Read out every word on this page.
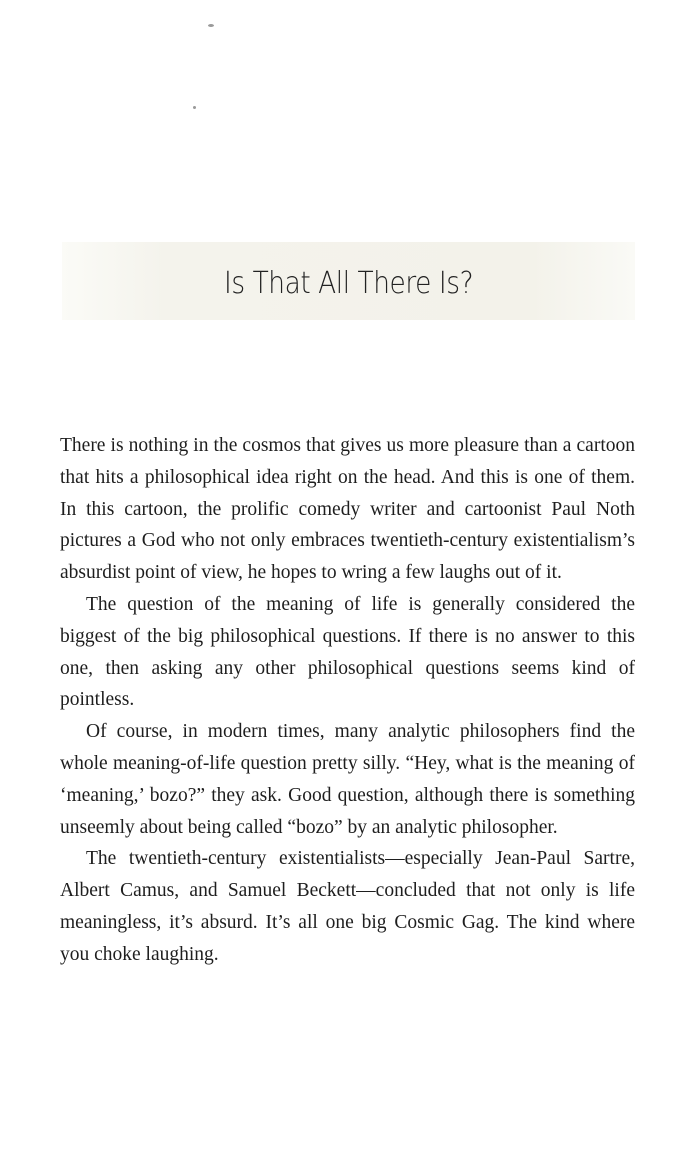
Is That All There Is?

There is nothing in the cosmos that gives us more pleasure than a cartoon that hits a philosophical idea right on the head. And this is one of them. In this cartoon, the prolific comedy writer and cartoonist Paul Noth pictures a God who not only embraces twentieth-century existentialism’s absurdist point of view, he hopes to wring a few laughs out of it.

The question of the meaning of life is generally considered the biggest of the big philosophical questions. If there is no answer to this one, then asking any other philosophical questions seems kind of pointless.

Of course, in modern times, many analytic philosophers find the whole meaning-of-life question pretty silly. “Hey, what is the meaning of ‘meaning,’ bozo?” they ask. Good question, although there is something unseemly about being called “bozo” by an analytic philosopher.

The twentieth-century existentialists—especially Jean-Paul Sartre, Albert Camus, and Samuel Beckett—concluded that not only is life meaningless, it’s absurd. It’s all one big Cosmic Gag. The kind where you choke laughing.
